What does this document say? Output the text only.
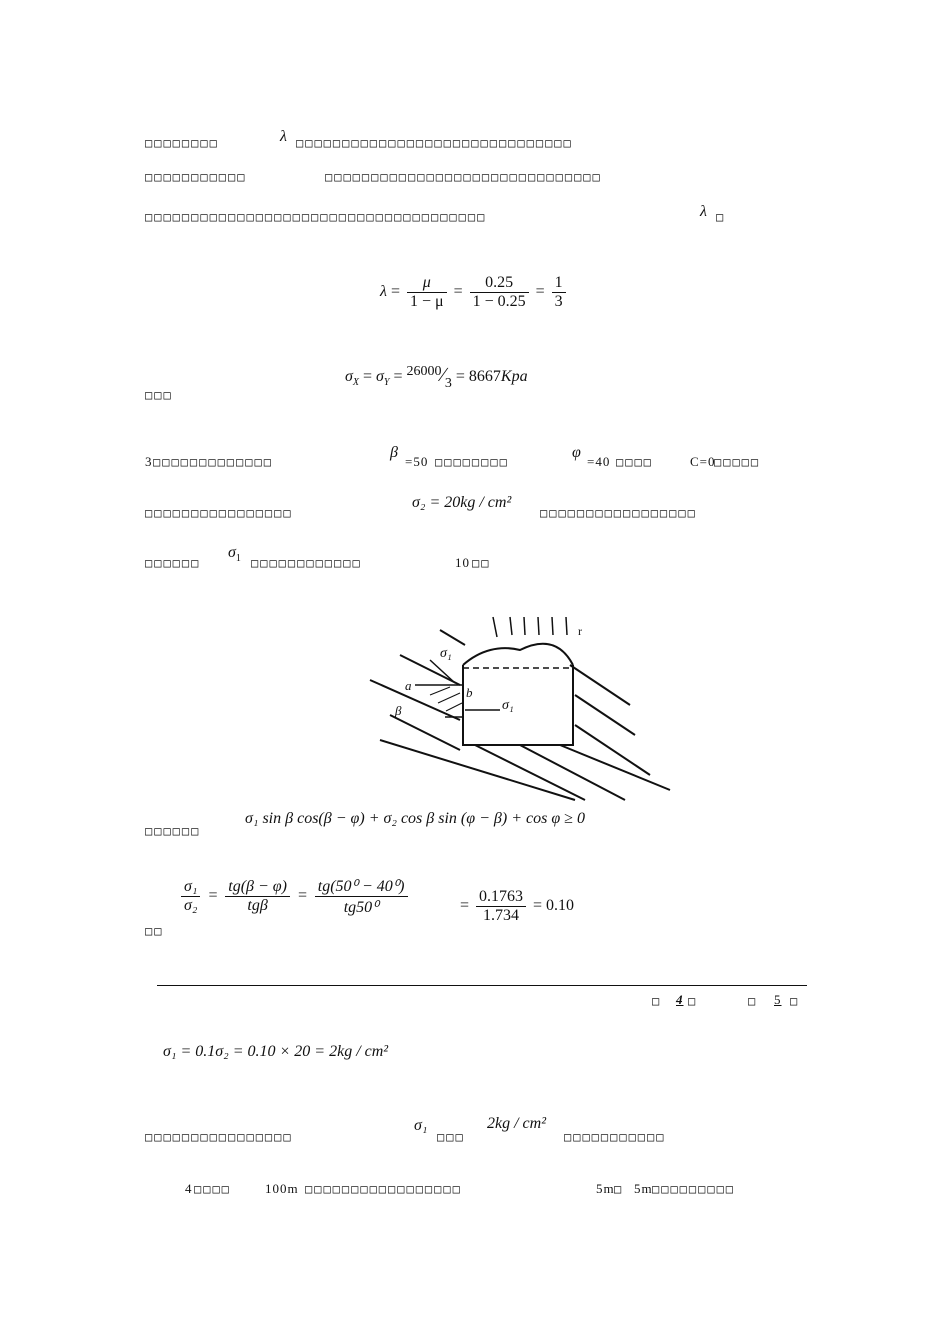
□□□□□□□□	λ □□□□□□□□□□□□□□□□□□□□□□□□□□□□□□
□□□□□□□□□□□	□□□□□□□□□□□□□□□□□□□□□□□□□□□□□□
□□□□□□□□□□□□□□□□□□□□□□□□□□□□□□□□□□□□□	λ □
$\lambda = \frac{\mu}{1 - \mu} = \frac{0.25}{1 - 0.25} = \frac{1}{3}$
$\sigma_X = \sigma_Y$ = 26000∕3 = 8667Kpa
□□□
3 □□□□□□□□□□□□□
β
=50 □□□□□□□□
φ
=40 □□□□	C=0
□□□□□
□□□□□□□□□□□□□□□□
σ₂ = 20kg / cm²
□□□□□□□□□□□□□□□□□
□□□□□□
$\sigma_1$ □□□□□□□□□□□□	10 □□
σ₁
a	b
β	σ₁
r
□□□□□□
σ₁ sin β cos(β − φ) + σ₂ cos β sin (φ − β) + cos φ ≥ 0
$\frac{\text{σ₁}}{\text{σ₂}} = \frac{tg(\beta - \varphi)}{\text{tgβ}} = \frac{\text{tg(50⁰ − 40⁰)}}{\text{tg50⁰}}$	= $\frac{0.1763}{1.734} = 0.10$
□□
□ 4 □	□ 5 □
σ₁ = 0.1σ₂ = 0.10 × 20 = 2kg / cm²
□□□□□□□□□□□□□□□□
σ₁
□□□
2kg / cm²
□□□□□□□□□□□
4 □□□□	100m □□□□□□□□□□□□□□□□□	5m □ 5m □□□□□□□□□
